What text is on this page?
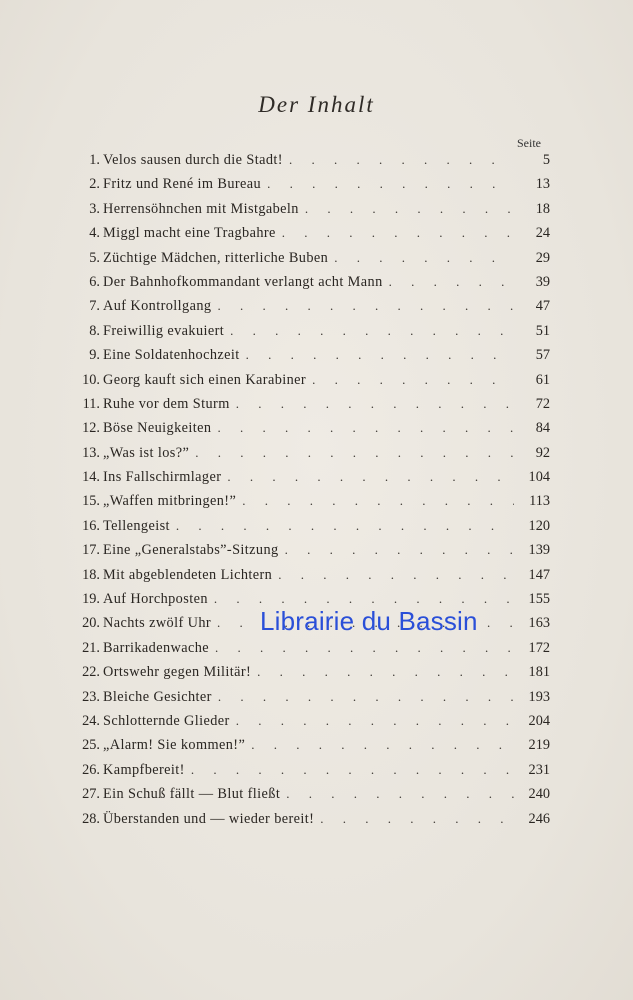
Der Inhalt
Seite
1. Velos sausen durch die Stadt! . . .	5
2. Fritz und René im Bureau . . .	13
3. Herrensöhnchen mit Mistgabeln . . .	18
4. Miggl macht eine Tragbahre . . .	24
5. Züchtige Mädchen, ritterliche Buben . . .	29
6. Der Bahnhofkommandant verlangt acht Mann . . .	39
7. Auf Kontrollgang . . .	47
8. Freiwillig evakuiert . . .	51
9. Eine Soldatenhochzeit . . .	57
10. Georg kauft sich einen Karabiner . . .	61
11. Ruhe vor dem Sturm . . .	72
12. Böse Neuigkeiten . . .	84
13. „Was ist los?” . . .	92
14. Ins Fallschirmlager . . .	104
15. „Waffen mitbringen!” . . .	113
16. Tellengeist . . .	120
17. Eine „Generalstabs”-Sitzung . . .	139
18. Mit abgeblendeten Lichtern . . .	147
19. Auf Horchposten . . .	155
20. Nachts zwölf Uhr . . .	163
21. Barrikadenwache . . .	172
22. Ortswehr gegen Militär! . . .	181
23. Bleiche Gesichter . . .	193
24. Schlotternde Glieder . . .	204
25. „Alarm! Sie kommen!” . . .	219
26. Kampfbereit! . . .	231
27. Ein Schuß fällt — Blut fließt . . .	240
28. Überstanden und — wieder bereit! . . .	246
Librairie du Bassin
